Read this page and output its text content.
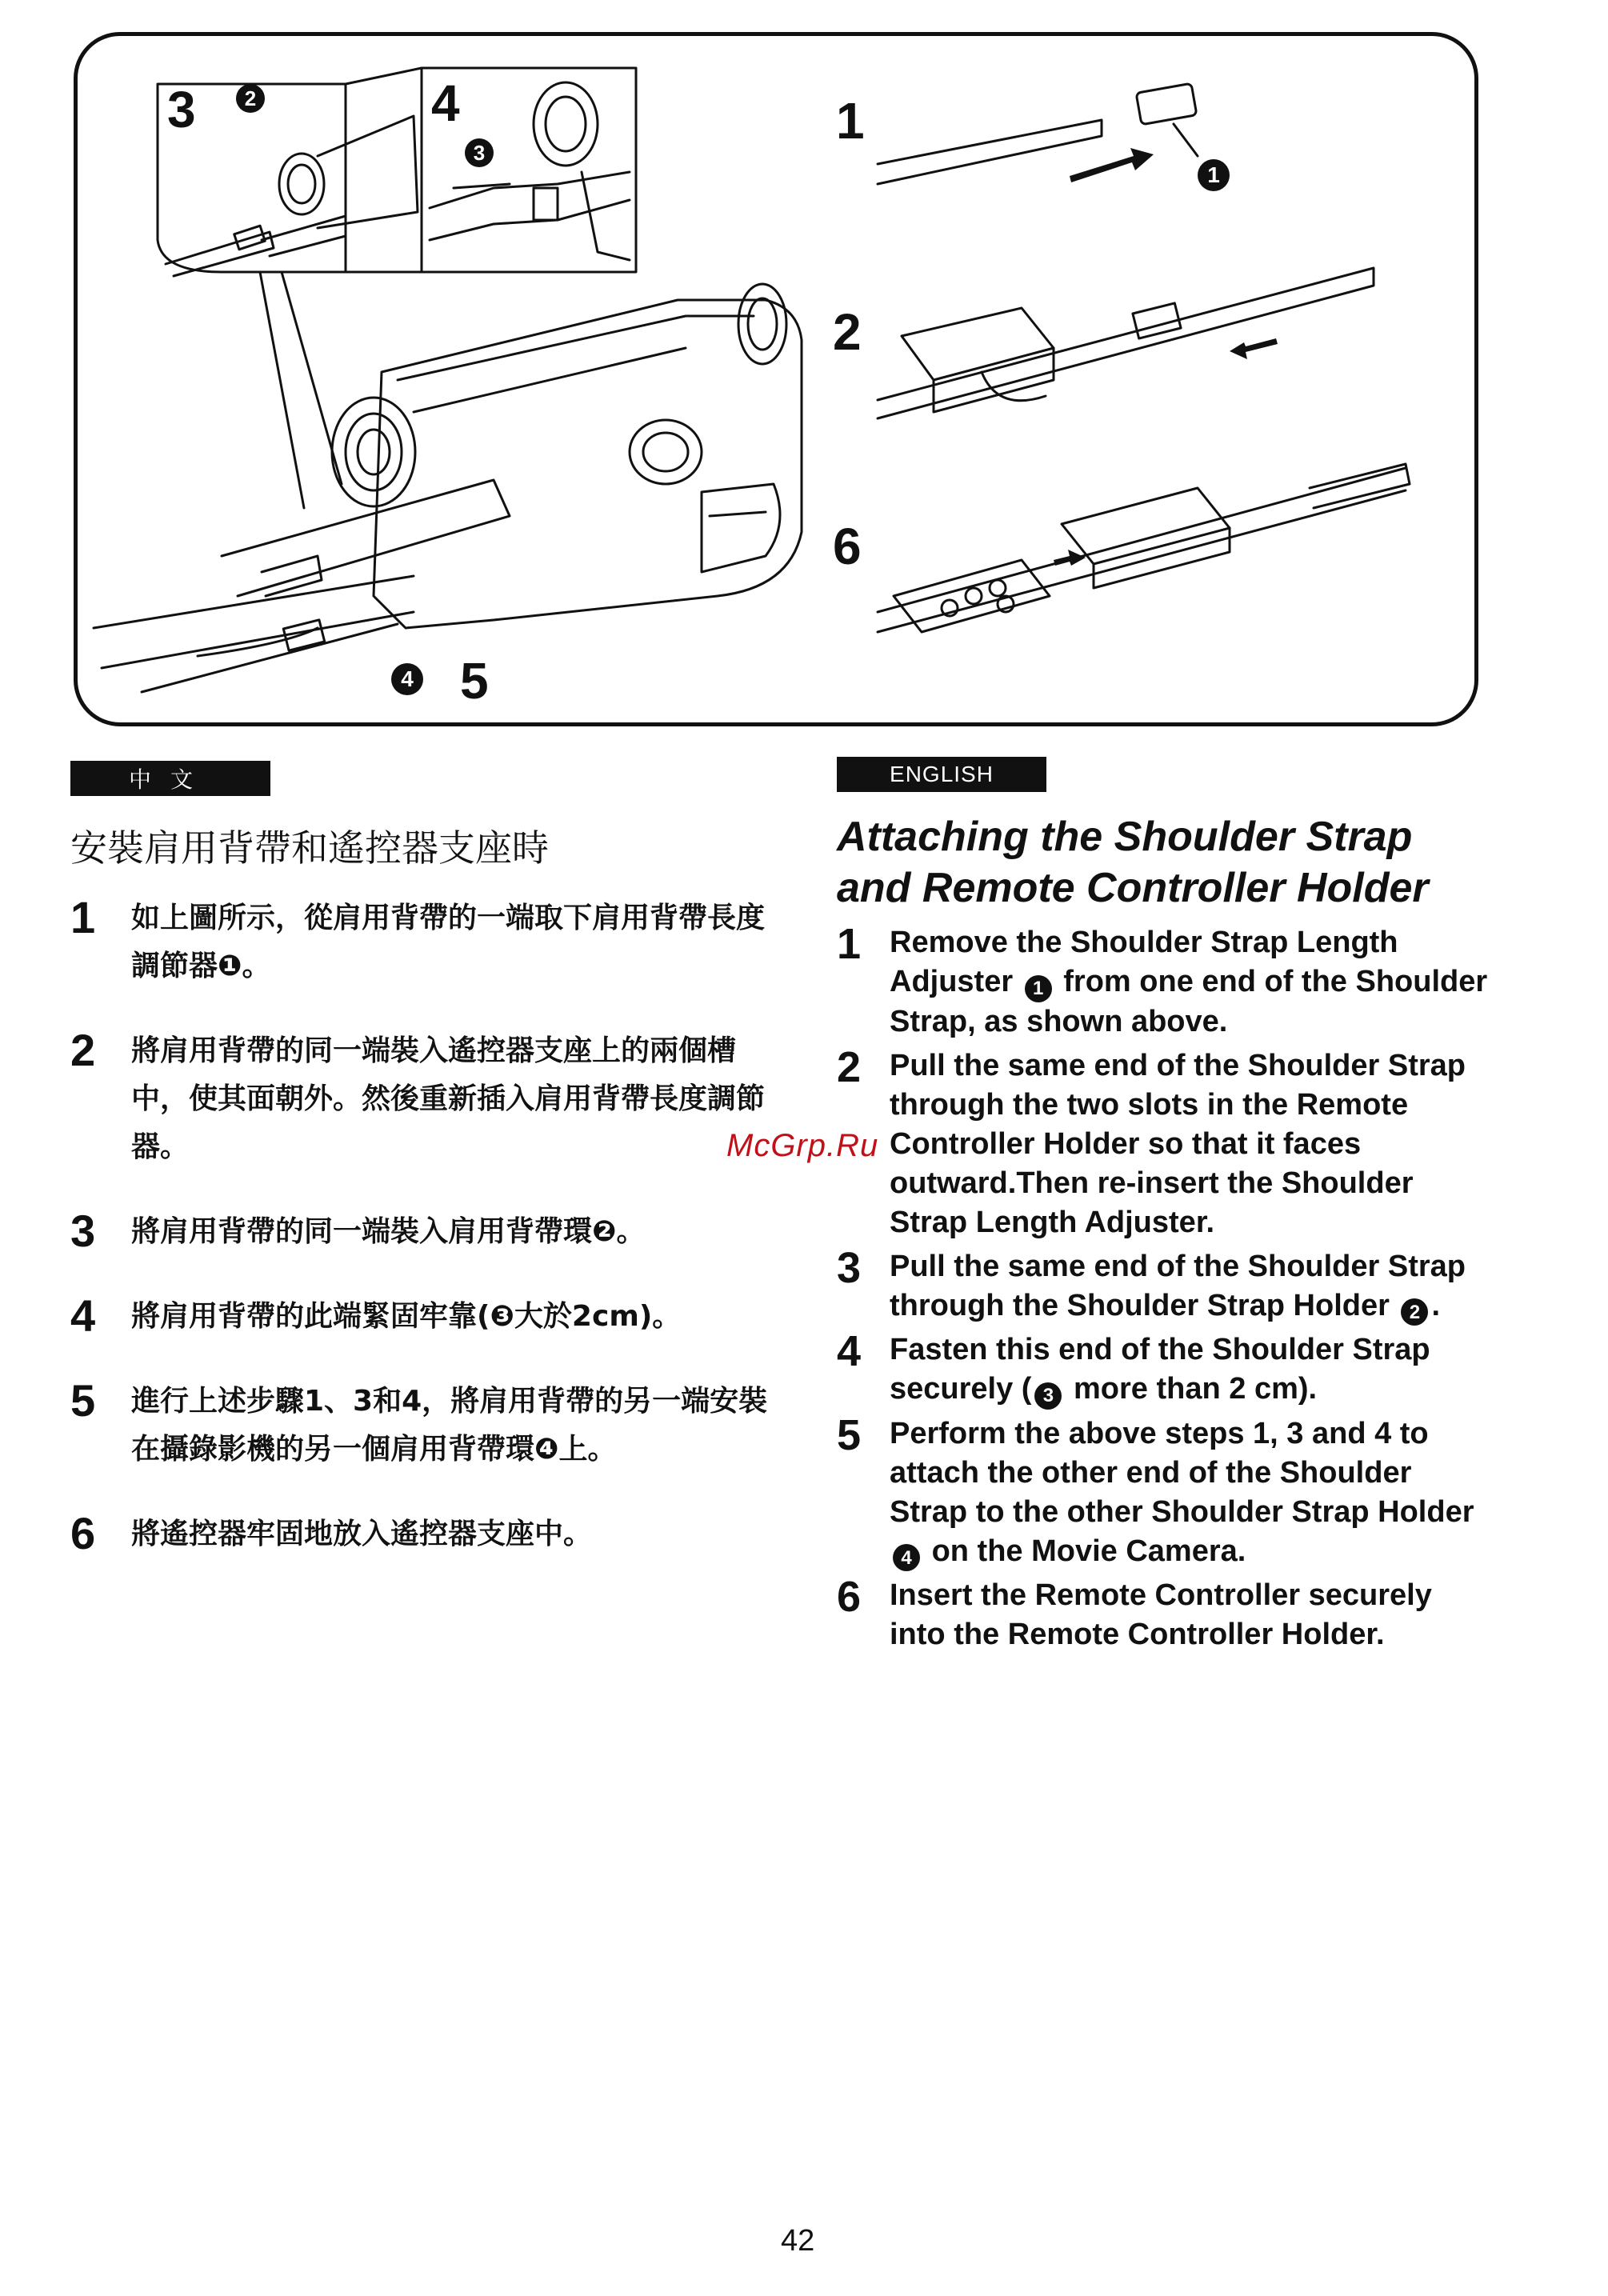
3	2	4
3
1
1
2
6
4 5
中文	ENGLISH
安裝肩用背帶和遙控器支座時
1	如上圖所示，從肩用背帶的一端取下肩用背帶長度調節器❶。
2	將肩用背帶的同一端裝入遙控器支座上的兩個槽中，使其面朝外。然後重新插入肩用背帶長度調節器。
3	將肩用背帶的同一端裝入肩用背帶環❷。
4	將肩用背帶的此端緊固牢靠(❸大於2cm)。
5	進行上述步驟1、3和4，將肩用背帶的另一端安裝在攝錄影機的另一個肩用背帶環❹上。
6	將遙控器牢固地放入遙控器支座中。
Attaching the Shoulder Strap and Remote Controller Holder
1 Remove the Shoulder Strap Length Adjuster 1 from one end of the Shoulder Strap, as shown above.
2 Pull the same end of the Shoulder Strap through the two slots in the Remote Controller Holder so that it faces outward.Then re-insert the Shoulder Strap Length Adjuster.
3 Pull the same end of the Shoulder Strap through the Shoulder Strap Holder 2 .
4 Fasten this end of the Shoulder Strap securely ( 3 more than 2 cm).
5 Perform the above steps 1, 3 and 4 to attach the other end of the Shoulder Strap to the other Shoulder Strap Holder 4 on the Movie Camera.
6 Insert the Remote Controller securely into the Remote Controller Holder.
McGrp.Ru
42
